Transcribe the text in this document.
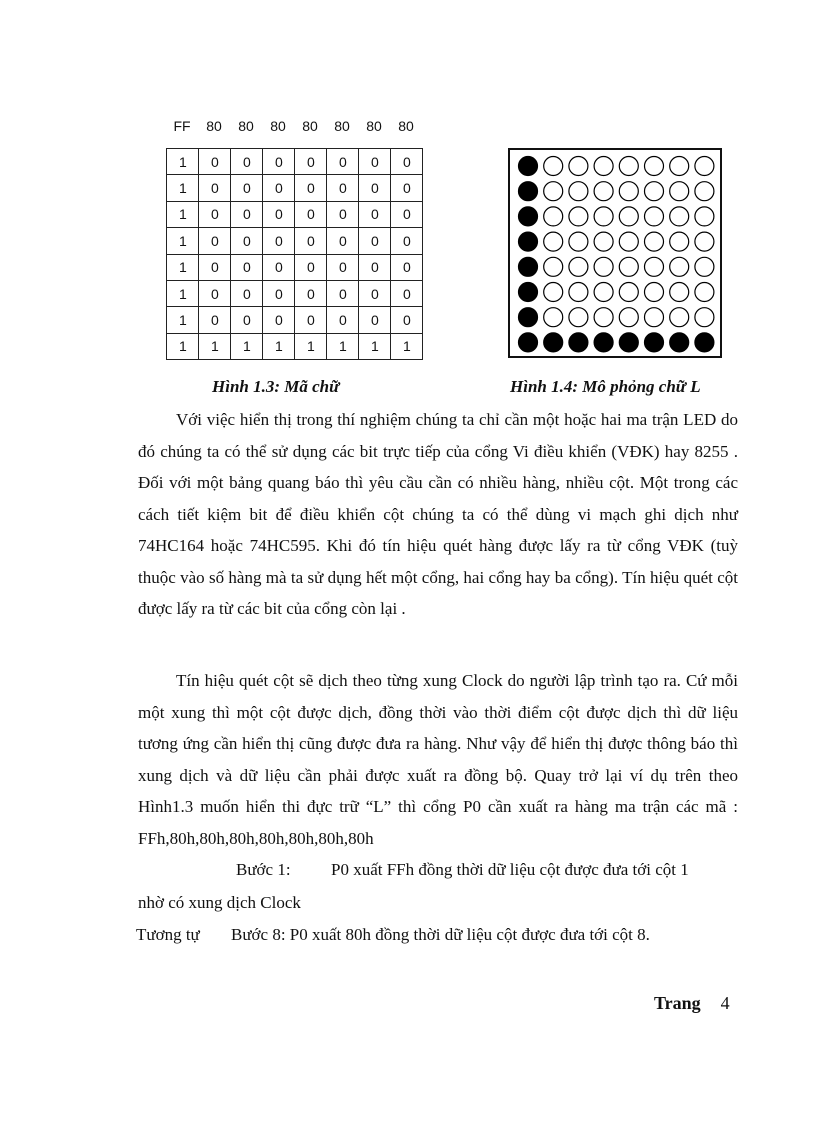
FF	80	80	80	80	80	80	80
1	0	0	0	0	0	0	0
1	0	0	0	0	0	0	0
1	0	0	0	0	0	0	0
1	0	0	0	0	0	0	0
1	0	0	0	0	0	0	0
1	0	0	0	0	0	0	0
1	0	0	0	0	0	0	0
1	1	1	1	1	1	1	1
Hình 1.3: Mã chữ	Hình 1.4: Mô phỏng chữ L

Với việc hiển thị trong thí nghiệm chúng ta chỉ cần một hoặc hai ma trận LED do đó chúng ta có thể sử dụng các bit trực tiếp của cổng Vi điều khiển (VĐK) hay 8255 . Đối với một bảng quang báo thì yêu cầu cần có nhiều hàng, nhiều cột. Một trong các cách tiết kiệm bit để điều khiển cột chúng ta có thể dùng vi mạch ghi dịch như 74HC164 hoặc 74HC595. Khi đó tín hiệu quét hàng được lấy ra từ cổng VĐK (tuỳ thuộc vào số hàng mà ta sử dụng hết một cổng, hai cổng hay ba cổng). Tín hiệu quét cột được lấy ra từ các bit của cổng còn lại .

Tín hiệu quét cột sẽ dịch theo từng xung Clock do người lập trình tạo ra. Cứ mỗi một xung thì một cột được dịch, đồng thời vào thời điểm cột được dịch thì dữ liệu tương ứng cần hiển thị cũng được đưa ra hàng. Như vậy để hiển thị được thông báo thì xung dịch và dữ liệu cần phải được xuất ra đồng bộ. Quay trở lại ví dụ trên theo Hình1.3 muốn hiển thi đực trữ “L” thì cổng P0 cần xuất ra hàng ma trận các mã : FFh,80h,80h,80h,80h,80h,80h,80h

Bước 1: P0 xuất FFh đồng thời dữ liệu cột được đưa tới cột 1
nhờ có xung dịch Clock
Tương tự Bước 8: P0 xuất 80h đồng thời dữ liệu cột được đưa tới cột 8.
Trang 4
